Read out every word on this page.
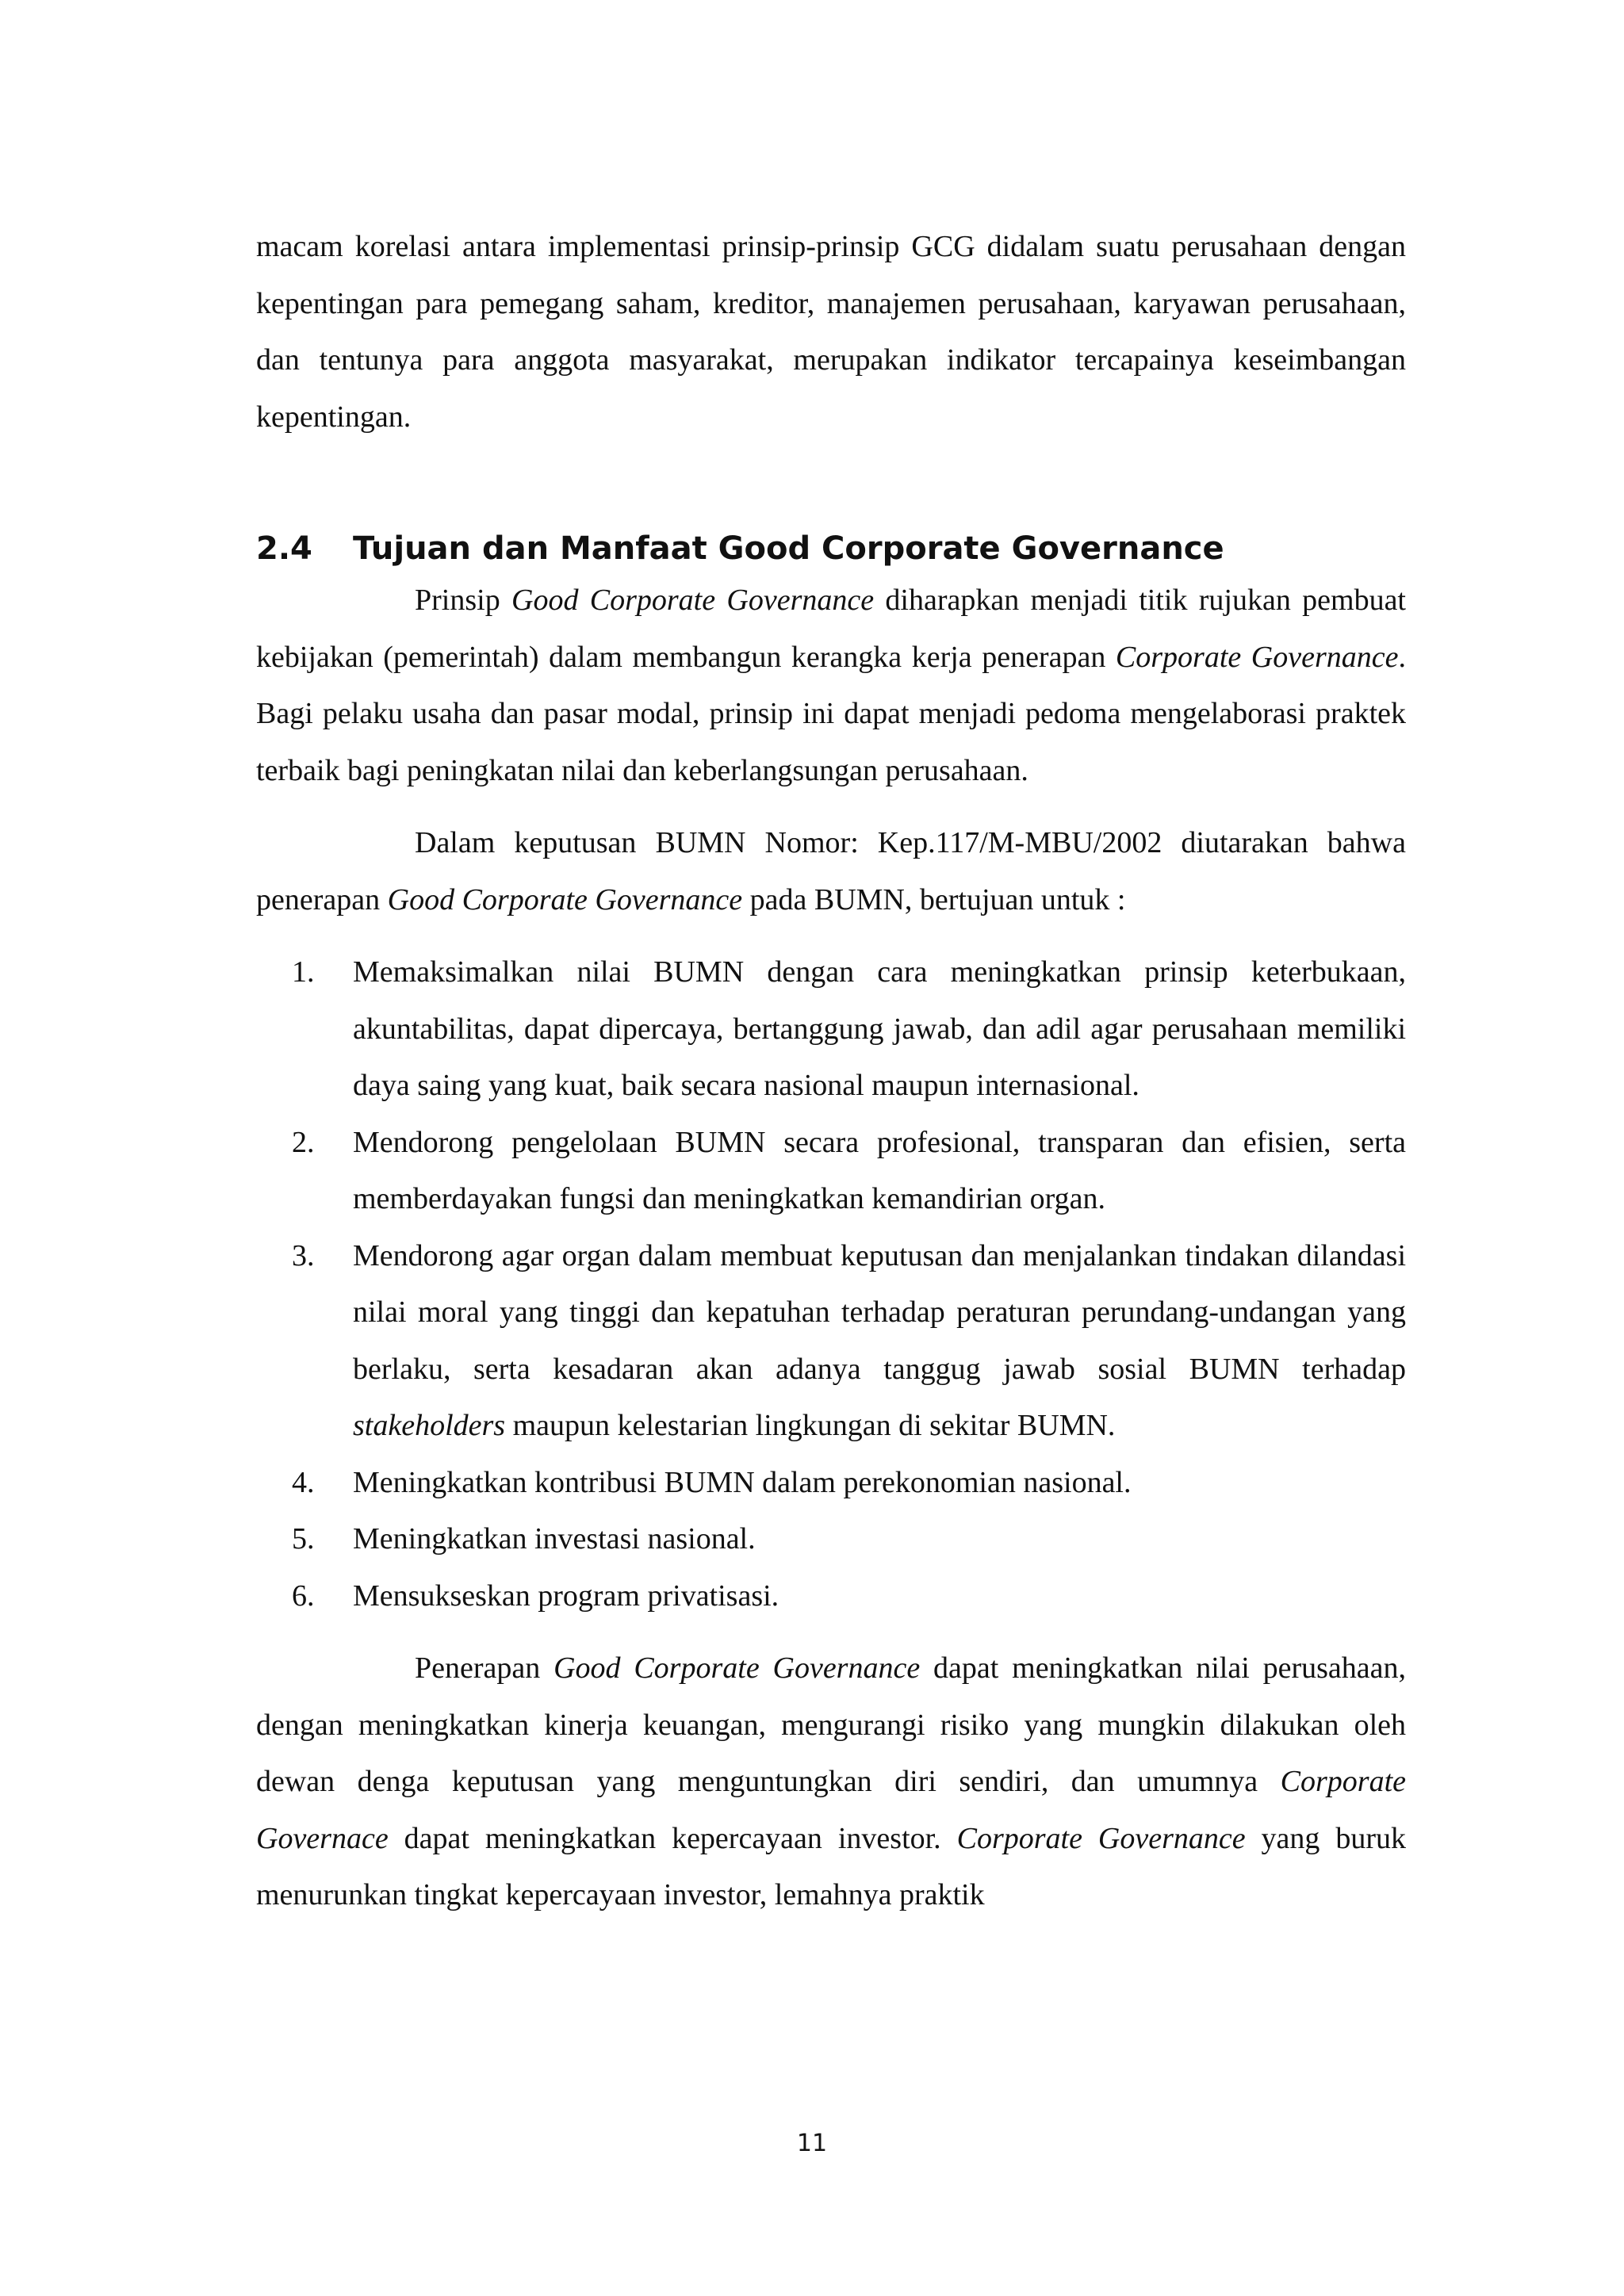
macam korelasi antara implementasi prinsip-prinsip GCG didalam suatu perusahaan dengan kepentingan para pemegang saham, kreditor, manajemen perusahaan, karyawan perusahaan, dan tentunya para anggota masyarakat, merupakan indikator tercapainya keseimbangan kepentingan.

2.4	Tujuan dan Manfaat Good Corporate Governance

Prinsip Good Corporate Governance diharapkan menjadi titik rujukan pembuat kebijakan (pemerintah) dalam membangun kerangka kerja penerapan Corporate Governance. Bagi pelaku usaha dan pasar modal, prinsip ini dapat menjadi pedoma mengelaborasi praktek terbaik bagi peningkatan nilai dan keberlangsungan perusahaan.

Dalam keputusan BUMN Nomor: Kep.117/M-MBU/2002 diutarakan bahwa penerapan Good Corporate Governance pada BUMN, bertujuan untuk :

1.	Memaksimalkan nilai BUMN dengan cara meningkatkan prinsip keterbukaan, akuntabilitas, dapat dipercaya, bertanggung jawab, dan adil agar perusahaan memiliki daya saing yang kuat, baik secara nasional maupun internasional.
2.	Mendorong pengelolaan BUMN secara profesional, transparan dan efisien, serta memberdayakan fungsi dan meningkatkan kemandirian organ.
3.	Mendorong agar organ dalam membuat keputusan dan menjalankan tindakan dilandasi nilai moral yang tinggi dan kepatuhan terhadap peraturan perundang-undangan yang berlaku, serta kesadaran akan adanya tanggug jawab sosial BUMN terhadap stakeholders maupun kelestarian lingkungan di sekitar BUMN.
4.	Meningkatkan kontribusi BUMN dalam perekonomian nasional.
5.	Meningkatkan investasi nasional.
6.	Mensukseskan program privatisasi.

Penerapan Good Corporate Governance dapat meningkatkan nilai perusahaan, dengan meningkatkan kinerja keuangan, mengurangi risiko yang mungkin dilakukan oleh dewan denga keputusan yang menguntungkan diri sendiri, dan umumnya Corporate Governace dapat meningkatkan kepercayaan investor. Corporate Governance yang buruk menurunkan tingkat kepercayaan investor, lemahnya praktik

11
